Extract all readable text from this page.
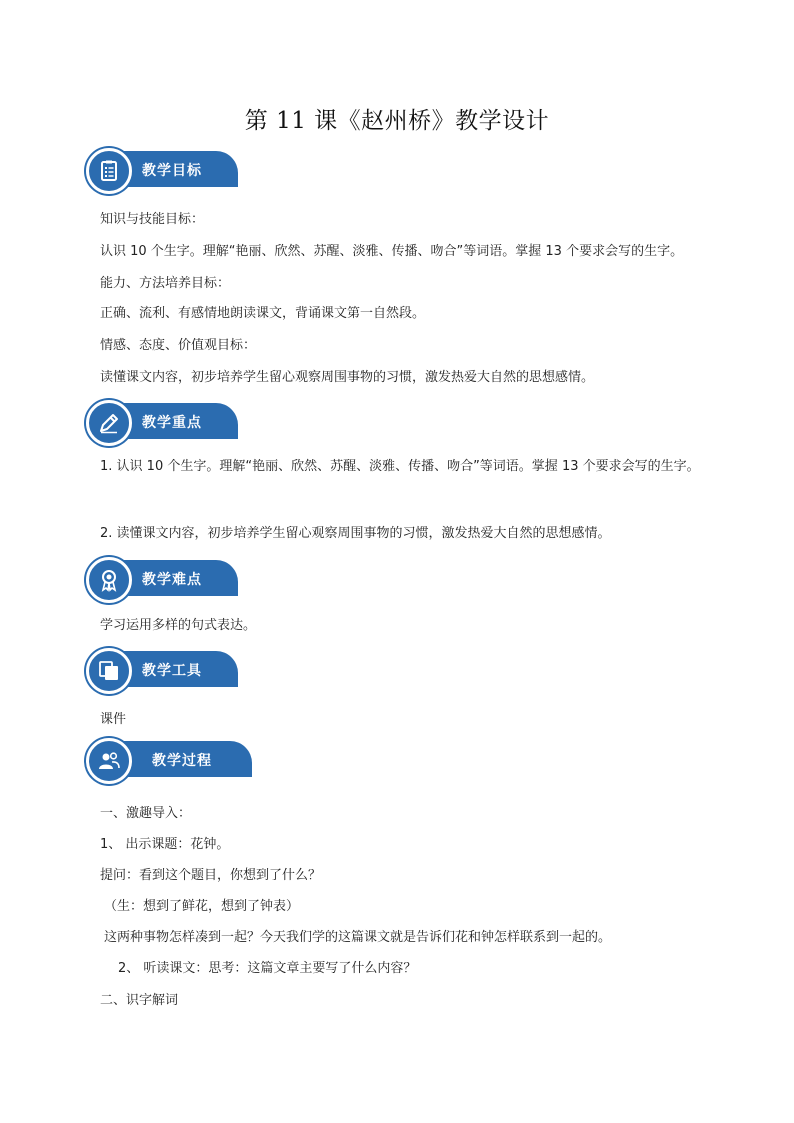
第 11 课《赵州桥》教学设计
教学目标
知识与技能目标：
认识 10 个生字。理解“艳丽、欣然、苏醒、淡雅、传播、吻合”等词语。掌握 13 个要求会写的生字。
能力、方法培养目标：
正确、流利、有感情地朗读课文，背诵课文第一自然段。
情感、态度、价值观目标：
读懂课文内容，初步培养学生留心观察周围事物的习惯，激发热爱大自然的思想感情。
教学重点
1. 认识 10 个生字。理解“艳丽、欣然、苏醒、淡雅、传播、吻合”等词语。掌握 13 个要求会写的生字。
2. 读懂课文内容，初步培养学生留心观察周围事物的习惯，激发热爱大自然的思想感情。
教学难点
学习运用多样的句式表达。
教学工具
课件
教学过程
一、激趣导入：
1、 出示课题：花钟。
提问：看到这个题目，你想到了什么？
（生：想到了鲜花，想到了钟表）
这两种事物怎样凑到一起？今天我们学的这篇课文就是告诉们花和钟怎样联系到一起的。
2、 听读课文：思考：这篇文章主要写了什么内容？
二、识字解词
